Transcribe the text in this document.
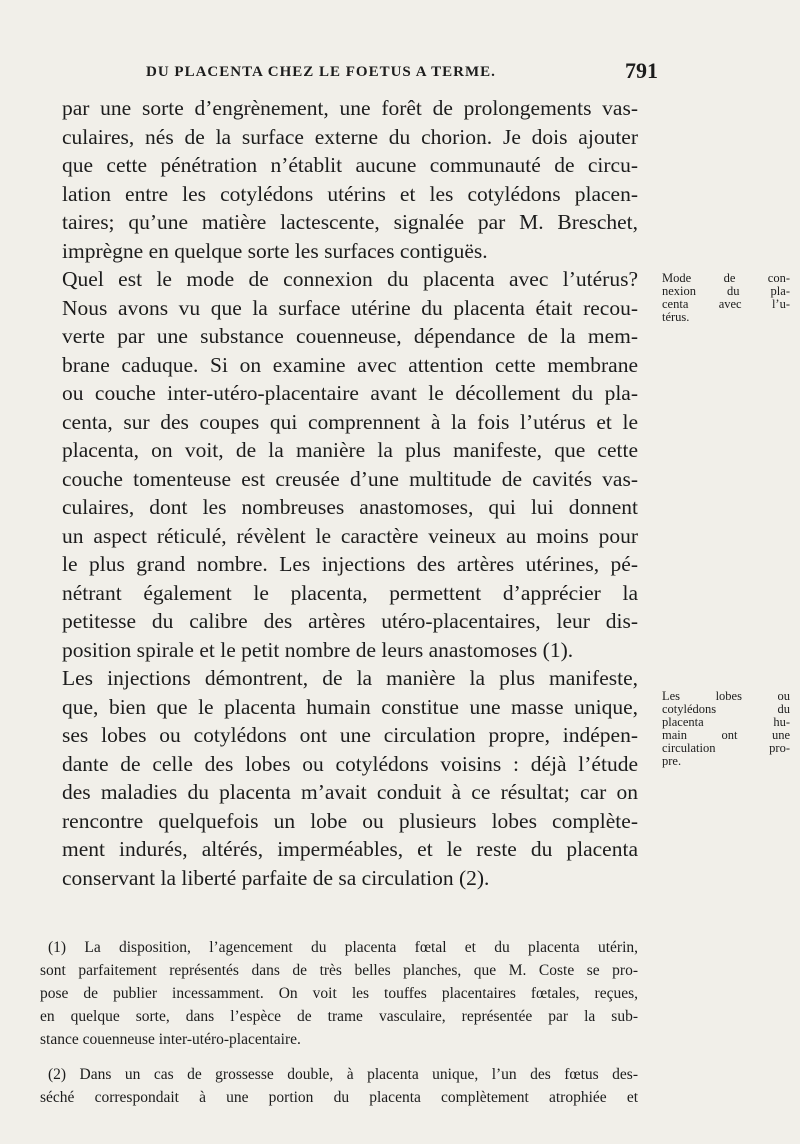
DU PLACENTA CHEZ LE FOETUS A TERME.	791
par une sorte d’engrènement, une forêt de prolongements vas-
culaires, nés de la surface externe du chorion. Je dois ajouter
que cette pénétration n’établit aucune communauté de circu-
lation entre les cotylédons utérins et les cotylédons placen-
taires; qu’une matière lactescente, signalée par M. Breschet,
imprègne en quelque sorte les surfaces contiguës.
Quel est le mode de connexion du placenta avec l’utérus?
Nous avons vu que la surface utérine du placenta était recou-
verte par une substance couenneuse, dépendance de la mem-
brane caduque. Si on examine avec attention cette membrane
ou couche inter-utéro-placentaire avant le décollement du pla-
centa, sur des coupes qui comprennent à la fois l’utérus et le
placenta, on voit, de la manière la plus manifeste, que cette
couche tomenteuse est creusée d’une multitude de cavités vas-
culaires, dont les nombreuses anastomoses, qui lui donnent
un aspect réticulé, révèlent le caractère veineux au moins pour
le plus grand nombre. Les injections des artères utérines, pé-
nétrant également le placenta, permettent d’apprécier la
petitesse du calibre des artères utéro-placentaires, leur dis-
position spirale et le petit nombre de leurs anastomoses (1).
Les injections démontrent, de la manière la plus manifeste,
que, bien que le placenta humain constitue une masse unique,
ses lobes ou cotylédons ont une circulation propre, indépen-
dante de celle des lobes ou cotylédons voisins : déjà l’étude
des maladies du placenta m’avait conduit à ce résultat; car on
rencontre quelquefois un lobe ou plusieurs lobes complète-
ment indurés, altérés, imperméables, et le reste du placenta
conservant la liberté parfaite de sa circulation (2).
Mode de con-
nexion du pla-
centa avec l’u-
térus.
Les lobes ou
cotylédons du
placenta hu-
main ont une
circulation pro-
pre.
(1) La disposition, l’agencement du placenta fœtal et du placenta utérin,
sont parfaitement représentés dans de très belles planches, que M. Coste se pro-
pose de publier incessamment. On voit les touffes placentaires fœtales, reçues,
en quelque sorte, dans l’espèce de trame vasculaire, représentée par la sub-
stance couenneuse inter-utéro-placentaire.
(2) Dans un cas de grossesse double, à placenta unique, l’un des fœtus des-
séché correspondait à une portion du placenta complètement atrophiée et
